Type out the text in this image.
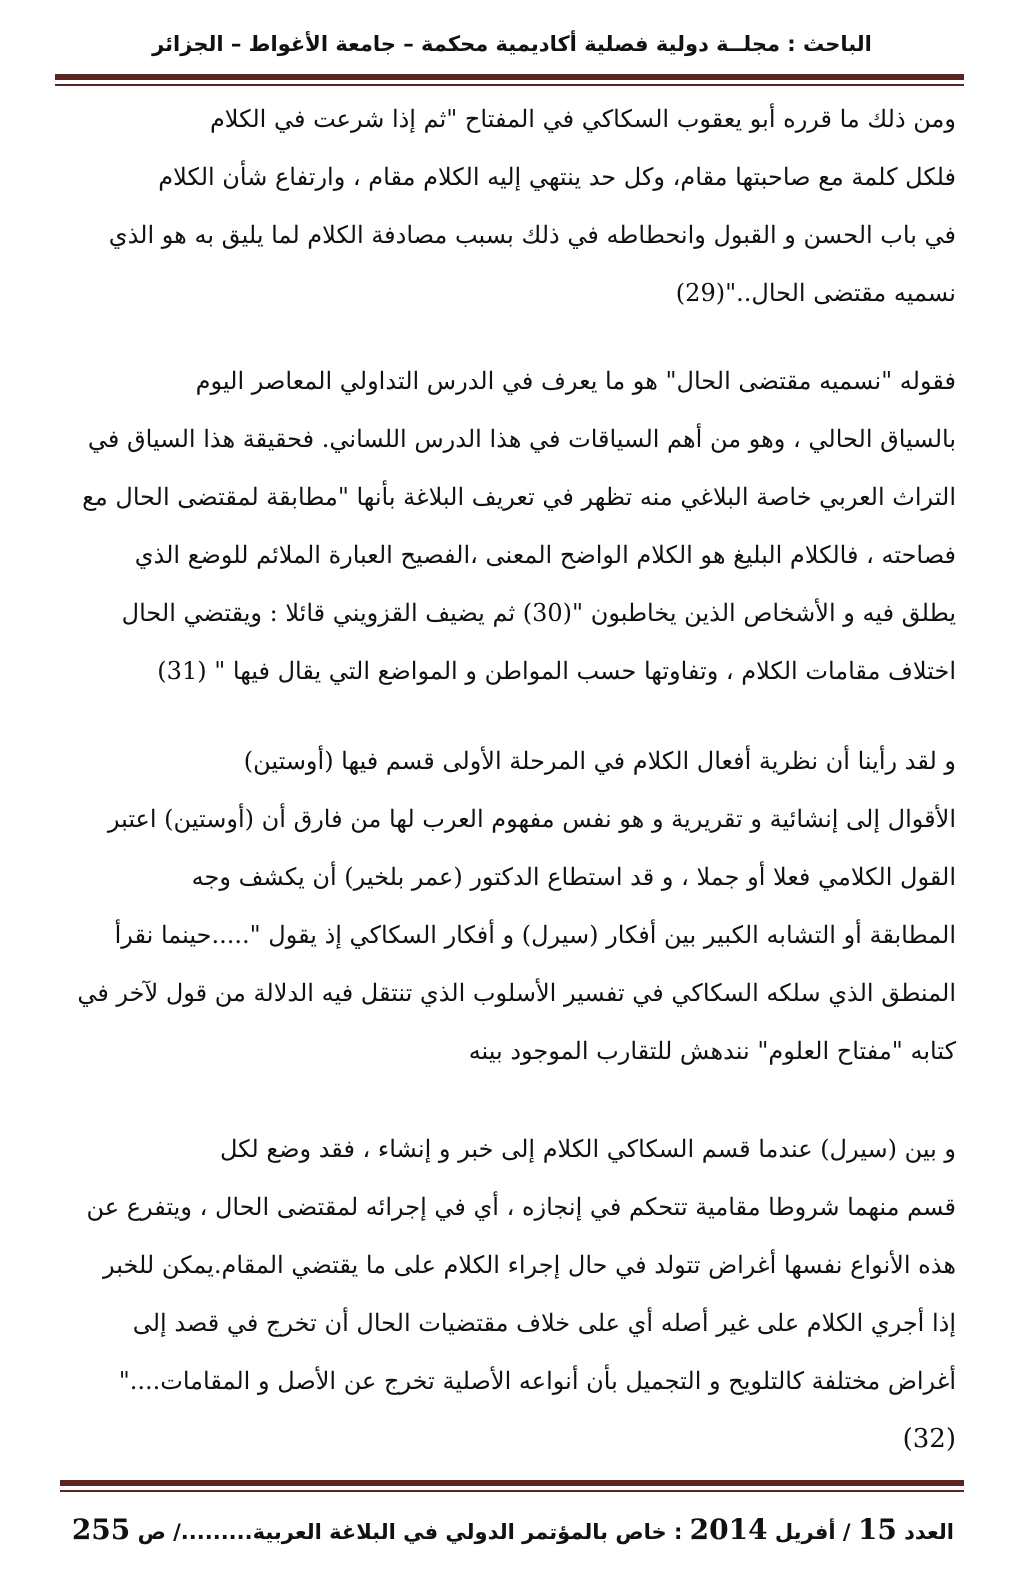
الباحث : مجلــة دولية فصلية أكاديمية محكمة – جامعة الأغواط – الجزائر

ومن ذلك ما قرره أبو يعقوب السكاكي في المفتاح "ثم إذا شرعت في الكلام

فلكل كلمة مع صاحبتها مقام، وكل حد ينتهي إليه الكلام مقام ، وارتفاع شأن الكلام

في باب الحسن و القبول وانحطاطه في ذلك بسبب مصادفة الكلام لما يليق به هو الذي

نسميه مقتضى الحال.."(29)

فقوله "نسميه مقتضى الحال" هو ما يعرف في الدرس التداولي المعاصر اليوم

بالسياق الحالي ، وهو من أهم السياقات في هذا الدرس اللساني. فحقيقة هذا السياق في

التراث العربي خاصة البلاغي منه تظهر في تعريف البلاغة بأنها "مطابقة لمقتضى الحال مع

فصاحته ، فالكلام البليغ هو الكلام الواضح المعنى ،الفصيح العبارة الملائم للوضع الذي

يطلق فيه و الأشخاص الذين يخاطبون "(30) ثم يضيف القزويني قائلا : ويقتضي الحال

اختلاف مقامات الكلام ، وتفاوتها حسب المواطن و المواضع التي يقال فيها " (31)

و لقد رأينا أن نظرية أفعال الكلام في المرحلة الأولى قسم فيها (أوستين)

الأقوال إلى إنشائية و تقريرية و هو نفس مفهوم العرب لها من فارق أن (أوستين) اعتبر

القول الكلامي فعلا أو جملا ، و قد استطاع الدكتور (عمر بلخير) أن يكشف وجه

المطابقة أو التشابه الكبير بين أفكار (سيرل) و أفكار السكاكي إذ يقول ".....حينما نقرأ

المنطق الذي سلكه السكاكي في تفسير الأسلوب الذي تنتقل فيه الدلالة من قول لآخر في

كتابه "مفتاح العلوم" نندهش للتقارب الموجود بينه

و بين (سيرل) عندما قسم السكاكي الكلام إلى خبر و إنشاء ، فقد وضع لكل

قسم منهما شروطا مقامية تتحكم في إنجازه ، أي في إجرائه لمقتضى الحال ، ويتفرع عن

هذه الأنواع نفسها أغراض تتولد في حال إجراء الكلام على ما يقتضي المقام.يمكن للخبر

إذا أجري الكلام على غير أصله أي على خلاف مقتضيات الحال أن تخرج في قصد إلى

أغراض مختلفة كالتلويح و التجميل بأن أنواعه الأصلية تخرج عن الأصل و المقامات...."

(32)

العدد 15 / أفريل 2014 : خاص بالمؤتمر الدولي في البلاغة العربية........./ ص 255
